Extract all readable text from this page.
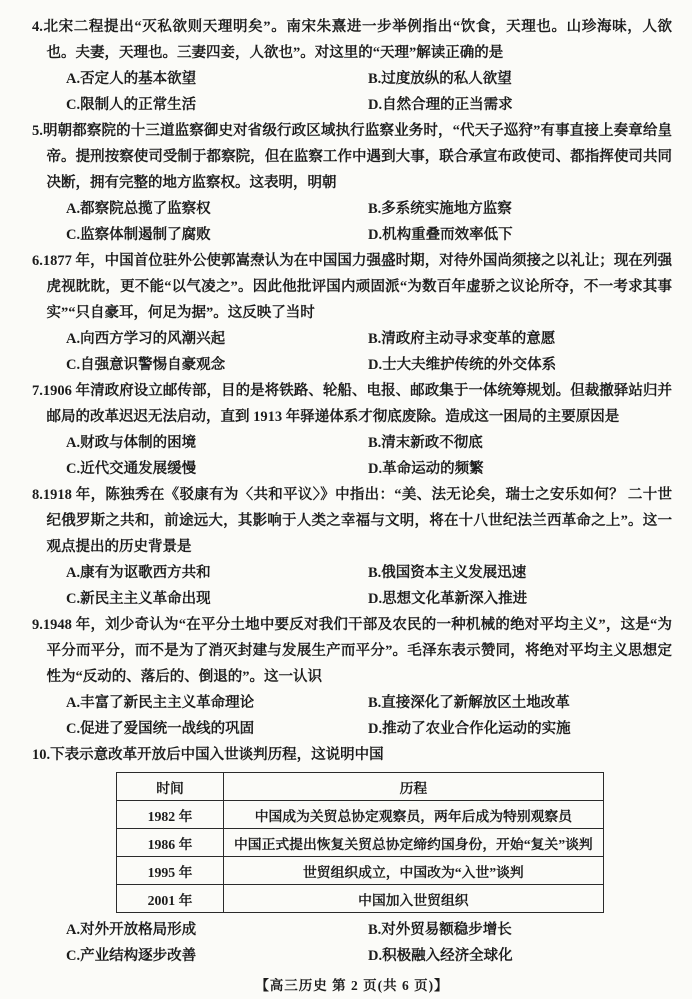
4.北宋二程提出“灭私欲则天理明矣”。南宋朱熹进一步举例指出“饮食，天理也。山珍海味，人欲也。夫妻，天理也。三妻四妾，人欲也”。对这里的“天理”解读正确的是

A.否定人的基本欲望	B.过度放纵的私人欲望
C.限制人的正常生活	D.自然合理的正当需求

5.明朝都察院的十三道监察御史对省级行政区域执行监察业务时，“代天子巡狩”有事直接上奏章给皇帝。提刑按察使司受制于都察院，但在监察工作中遇到大事，联合承宣布政使司、都指挥使司共同决断，拥有完整的地方监察权。这表明，明朝

A.都察院总揽了监察权	B.多系统实施地方监察
C.监察体制遏制了腐败	D.机构重叠而效率低下

6.1877 年，中国首位驻外公使郭嵩焘认为在中国国力强盛时期，对待外国尚须接之以礼让；现在列强虎视眈眈，更不能“以气凌之”。因此他批评国内顽固派“为数百年虚骄之议论所夺，不一考求其事实”“只自豪耳，何足为据”。这反映了当时

A.向西方学习的风潮兴起	B.清政府主动寻求变革的意愿
C.自强意识警惕自豪观念	D.士大夫维护传统的外交体系

7.1906 年清政府设立邮传部，目的是将铁路、轮船、电报、邮政集于一体统筹规划。但裁撤驿站归并邮局的改革迟迟无法启动，直到 1913 年驿递体系才彻底废除。造成这一困局的主要原因是

A.财政与体制的困境	B.清末新政不彻底
C.近代交通发展缓慢	D.革命运动的频繁

8.1918 年，陈独秀在《驳康有为〈共和平议〉》中指出：“美、法无论矣，瑞士之安乐如何？ 二十世纪俄罗斯之共和，前途远大，其影响于人类之幸福与文明，将在十八世纪法兰西革命之上”。这一观点提出的历史背景是

A.康有为讴歌西方共和	B.俄国资本主义发展迅速
C.新民主主义革命出现	D.思想文化革新深入推进

9.1948 年，刘少奇认为“在平分土地中要反对我们干部及农民的一种机械的绝对平均主义”，这是“为平分而平分，而不是为了消灭封建与发展生产而平分”。毛泽东表示赞同，将绝对平均主义思想定性为“反动的、落后的、倒退的”。这一认识

A.丰富了新民主主义革命理论	B.直接深化了新解放区土地改革
C.促进了爱国统一战线的巩固	D.推动了农业合作化运动的实施

10.下表示意改革开放后中国入世谈判历程，这说明中国

时间	历程
1982 年	中国成为关贸总协定观察员，两年后成为特别观察员
1986 年	中国正式提出恢复关贸总协定缔约国身份，开始“复关”谈判
1995 年	世贸组织成立，中国改为“入世”谈判
2001 年	中国加入世贸组织
A.对外开放格局形成	B.对外贸易额稳步增长
C.产业结构逐步改善	D.积极融入经济全球化
【高三历史 第 2 页(共 6 页)】
